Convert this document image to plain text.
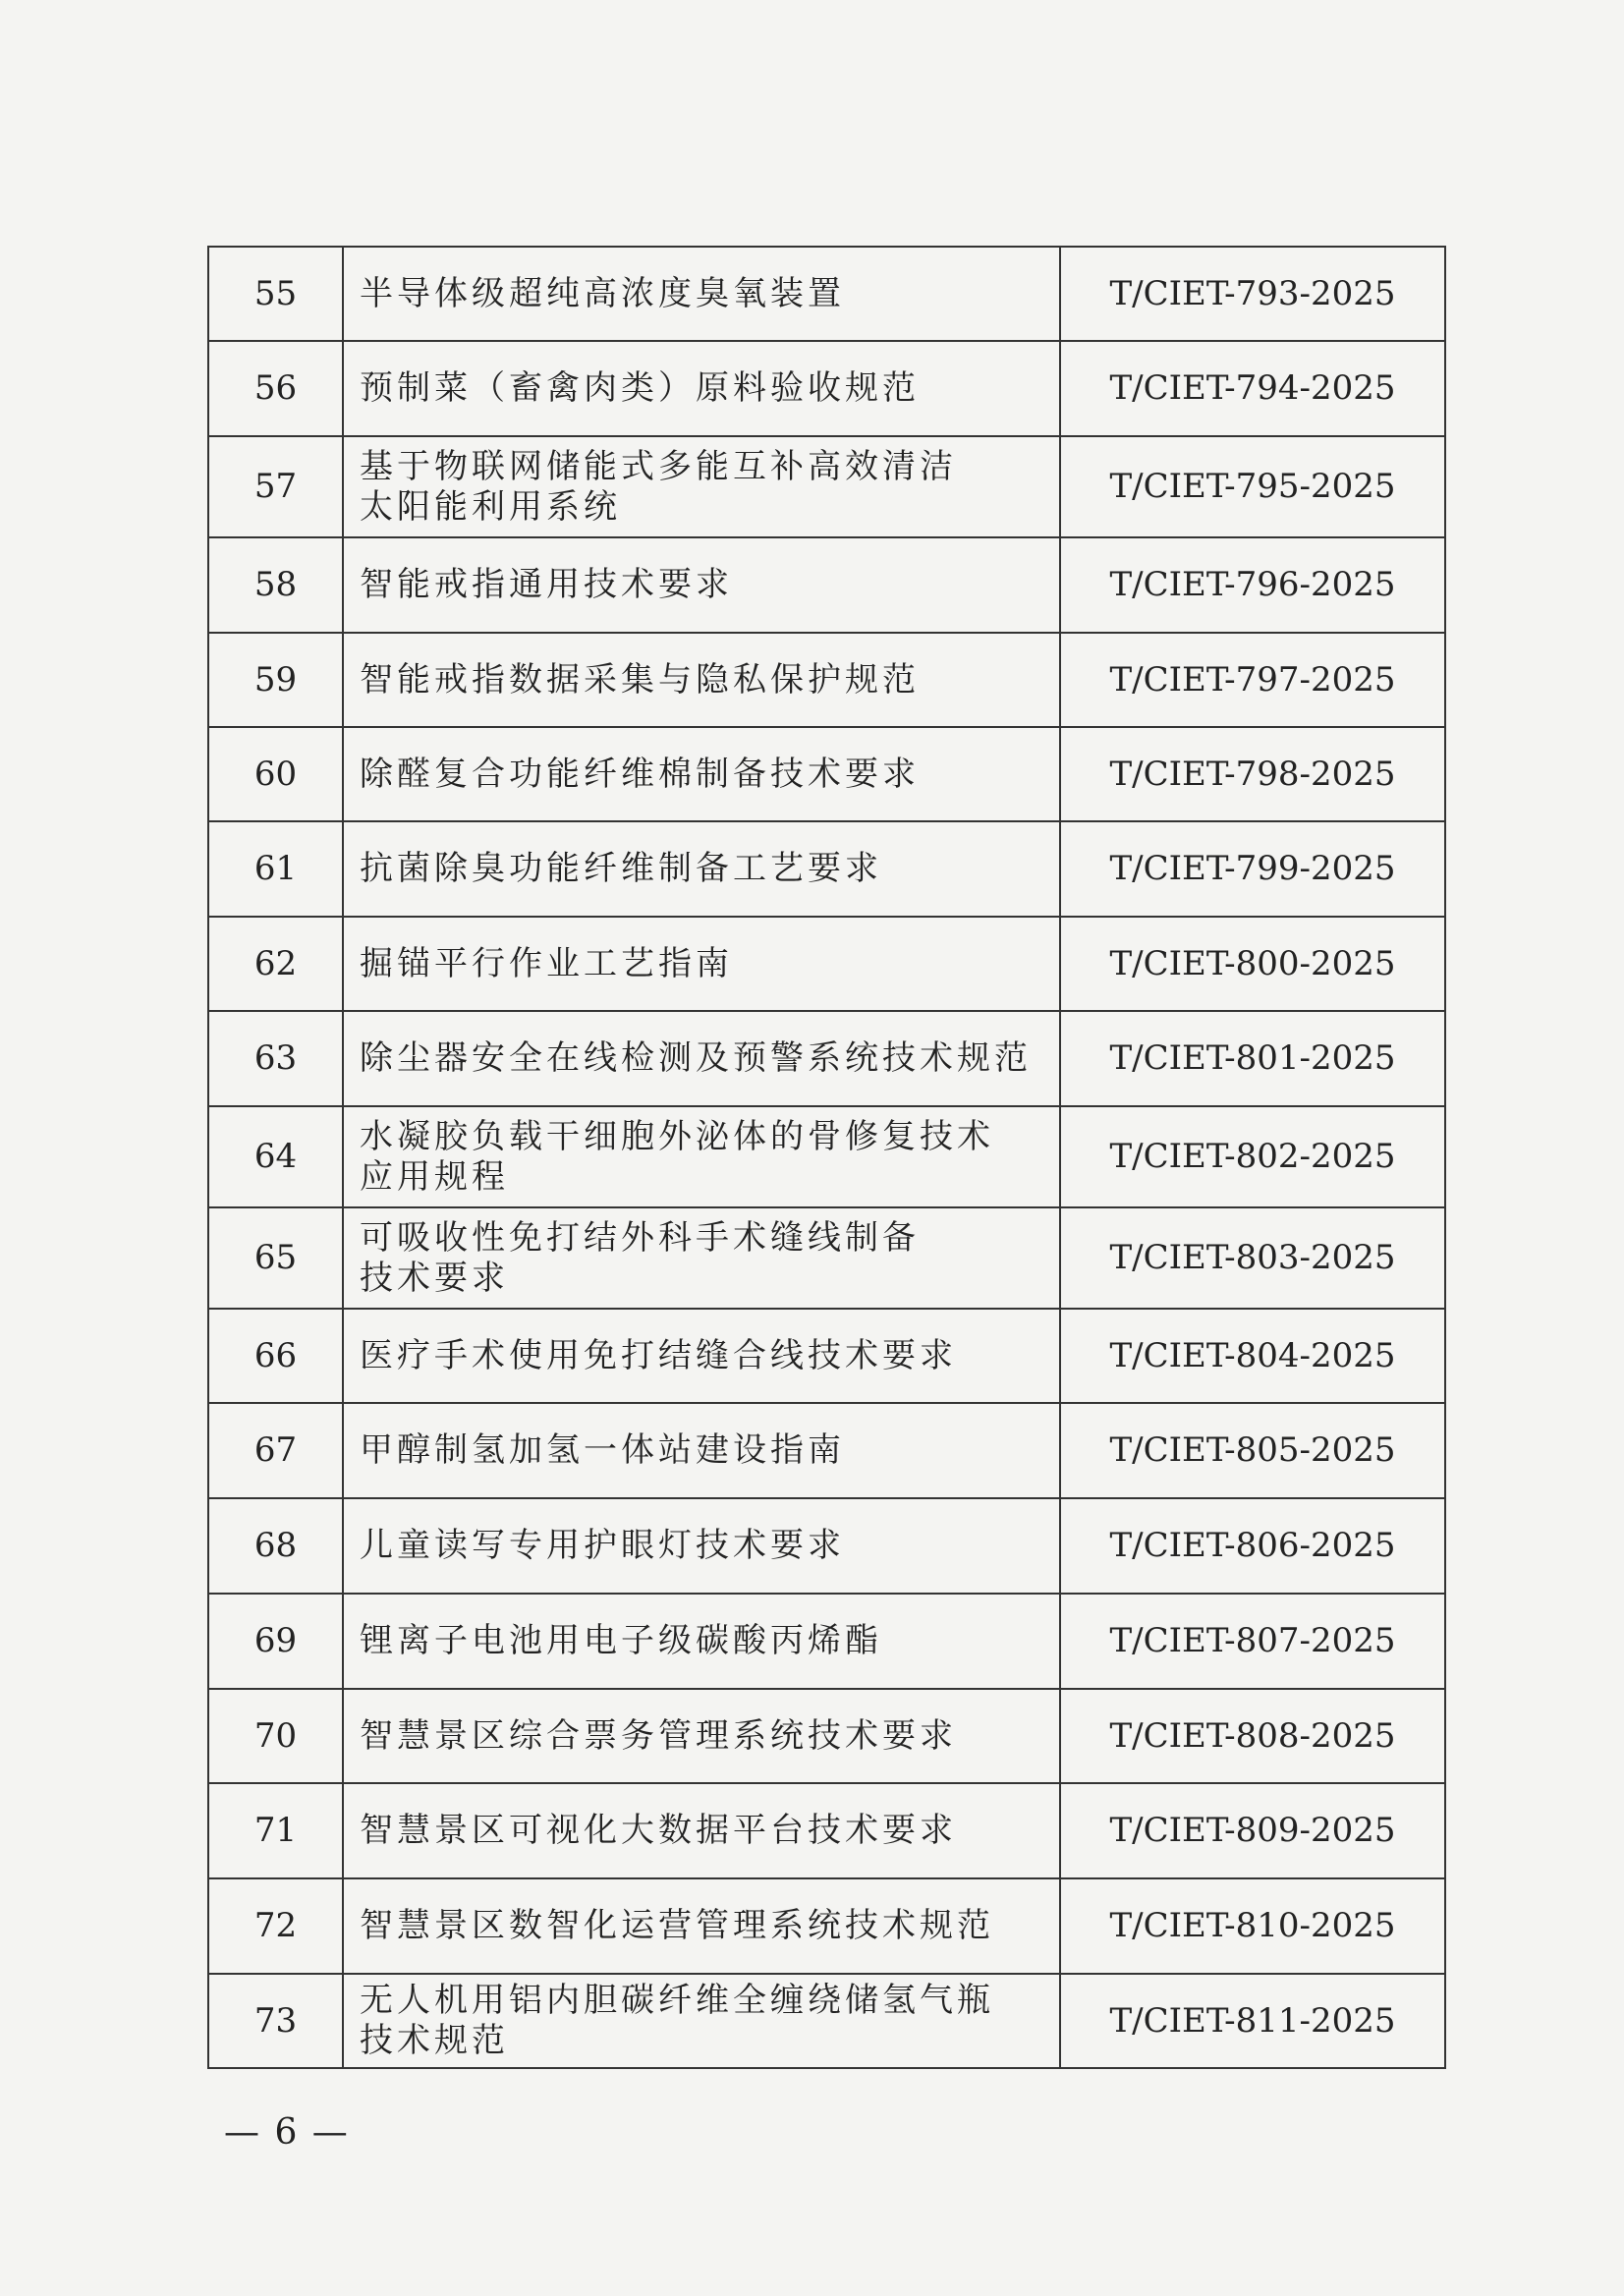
55	半导体级超纯高浓度臭氧装置	T/CIET-793-2025
56	预制菜（畜禽肉类）原料验收规范	T/CIET-794-2025
57	基于物联网储能式多能互补高效清洁
太阳能利用系统	T/CIET-795-2025
58	智能戒指通用技术要求	T/CIET-796-2025
59	智能戒指数据采集与隐私保护规范	T/CIET-797-2025
60	除醛复合功能纤维棉制备技术要求	T/CIET-798-2025
61	抗菌除臭功能纤维制备工艺要求	T/CIET-799-2025
62	掘锚平行作业工艺指南	T/CIET-800-2025
63	除尘器安全在线检测及预警系统技术规范	T/CIET-801-2025
64	水凝胶负载干细胞外泌体的骨修复技术
应用规程	T/CIET-802-2025
65	可吸收性免打结外科手术缝线制备
技术要求	T/CIET-803-2025
66	医疗手术使用免打结缝合线技术要求	T/CIET-804-2025
67	甲醇制氢加氢一体站建设指南	T/CIET-805-2025
68	儿童读写专用护眼灯技术要求	T/CIET-806-2025
69	锂离子电池用电子级碳酸丙烯酯	T/CIET-807-2025
70	智慧景区综合票务管理系统技术要求	T/CIET-808-2025
71	智慧景区可视化大数据平台技术要求	T/CIET-809-2025
72	智慧景区数智化运营管理系统技术规范	T/CIET-810-2025
73	无人机用铝内胆碳纤维全缠绕储氢气瓶
技术规范	T/CIET-811-2025
— 6 —
